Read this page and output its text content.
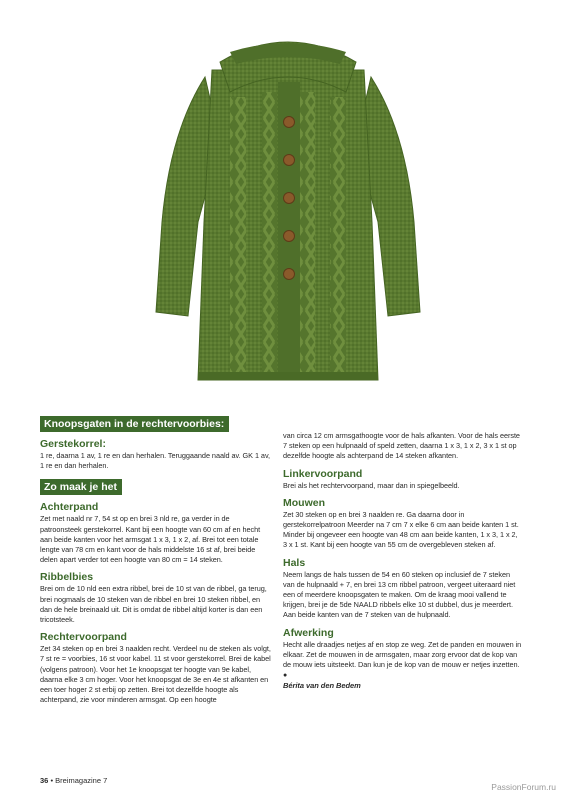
Knoopsgaten in de rechtervoorbies:
Gerstekorrel:

1 re, daarna 1 av, 1 re en dan herhalen. Teruggaande naald av. GK 1 av, 1 re en dan herhalen.

Zo maak je het
Achterpand

Zet met naald nr 7, 54 st op en brei 3 nld re, ga verder in de patroonsteek gerstekorrel. Kant bij een hoogte van 60 cm af en hecht aan beide kanten voor het armsgat 1 x 3, 1 x 2, af. Brei tot een totale lengte van 78 cm en kant voor de hals middelste 16 st af, brei beide delen apart verder tot een hoogte van 80 cm = 14 steken.

Ribbelbies

Brei om de 10 nld een extra ribbel, brei de 10 st van de ribbel, ga terug, brei nogmaals de 10 steken van de ribbel en brei 10 steken ribbel, en dan de hele breinaald uit. Dit is omdat de ribbel altijd korter is dan een tricotsteek.

Rechtervoorpand

Zet 34 steken op en brei 3 naalden recht. Verdeel nu de steken als volgt, 7 st re = voorbies, 16 st voor kabel. 11 st voor gerstekorrel. Brei de kabel (volgens patroon). Voor het 1e knoopsgat ter hoogte van 9e kabel, daarna elke 3 cm hoger. Voor het knoopsgat de 3e en 4e st afkanten en een toer hoger 2 st erbij op zetten. Brei tot dezelfde hoogte als achterpand, zie voor minderen armsgat. Op een hoogte

van circa 12 cm armsgathoogte voor de hals afkanten. Voor de hals eerste 7 steken op een hulpnaald of speld zetten, daarna 1 x 3, 1 x 2, 3 x 1 st op dezelfde hoogte als achterpand de 14 steken afkanten.

Linkervoorpand

Brei als het rechtervoorpand, maar dan in spiegelbeeld.

Mouwen

Zet 30 steken op en brei 3 naalden re. Ga daarna door in gerstekorrelpatroon Meerder na 7 cm 7 x elke 6 cm aan beide kanten 1 st. Minder bij ongeveer een hoogte van 48 cm aan beide kanten, 1 x 3, 1 x 2, 3 x 1 st. Kant bij een hoogte van 55 cm de overgebleven steken af.

Hals

Neem langs de hals tussen de 54 en 60 steken op inclusief de 7 steken van de hulpnaald + 7, en brei 13 cm ribbel patroon, vergeet uiteraard niet een of meerdere knoopsgaten te maken. Om de kraag mooi vallend te krijgen, brei je de 5de NAALD ribbels elke 10 st dubbel, dus je meerdert. Aan beide kanten van de 7 steken van de hulpnaald.

Afwerking

Hecht alle draadjes netjes af en stop ze weg. Zet de panden en mouwen in elkaar. Zet de mouwen in de armsgaten, maar zorg ervoor dat de kop van de mouw iets uitsteekt. Dan kun je de kop van de mouw er netjes inzetten. ●
Bérita van den Bedem

36 • Breimagazine 7
PassionForum.ru
